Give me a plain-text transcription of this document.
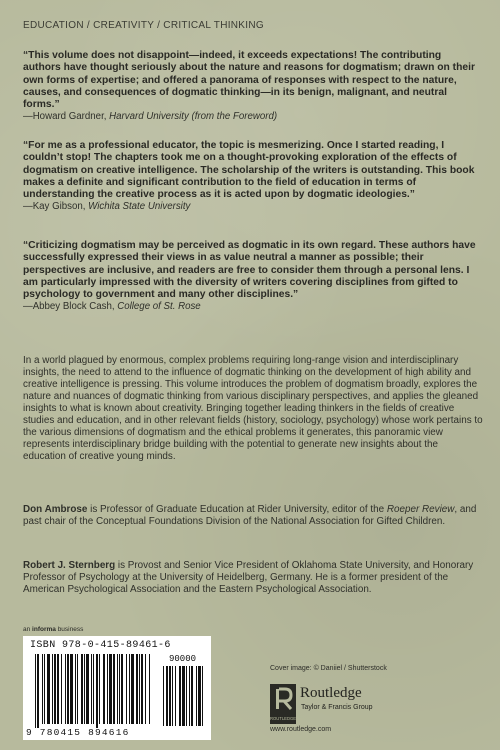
EDUCATION / CREATIVITY / CRITICAL THINKING

“This volume does not disappoint—indeed, it exceeds expectations! The contributing authors have thought seriously about the nature and reasons for dogmatism; drawn on their own forms of expertise; and offered a panorama of responses with respect to the nature, causes, and consequences of dogmatic thinking—in its benign, malignant, and neutral forms.”

—Howard Gardner, Harvard University (from the Foreword)

“For me as a professional educator, the topic is mesmerizing. Once I started reading, I couldn’t stop! The chapters took me on a thought-provoking exploration of the effects of dogmatism on creative intelligence. The scholarship of the writers is outstanding. This book makes a definite and significant contribution to the field of education in terms of understanding the creative process as it is acted upon by dogmatic ideologies.”

—Kay Gibson, Wichita State University

“Criticizing dogmatism may be perceived as dogmatic in its own regard. These authors have successfully expressed their views in as value neutral a manner as possible; their perspectives are inclusive, and readers are free to consider them through a personal lens. I am particularly impressed with the diversity of writers covering disciplines from gifted to psychology to government and many other disciplines.”

—Abbey Block Cash, College of St. Rose

In a world plagued by enormous, complex problems requiring long-range vision and interdisciplinary insights, the need to attend to the influence of dogmatic thinking on the development of high ability and creative intelligence is pressing. This volume introduces the problem of dogmatism broadly, explores the nature and nuances of dogmatic thinking from various disciplinary perspectives, and applies the gleaned insights to what is known about creativity. Bringing together leading thinkers in the fields of creative studies and education, and in other relevant fields (history, sociology, psychology) whose work pertains to the various dimensions of dogmatism and the ethical problems it generates, this panoramic view represents interdisciplinary bridge building with the potential to generate new insights about the education of creative young minds.

Don Ambrose is Professor of Graduate Education at Rider University, editor of the Roeper Review, and past chair of the Conceptual Foundations Division of the National Association for Gifted Children.

Robert J. Sternberg is Provost and Senior Vice President of Oklahoma State University, and Honorary Professor of Psychology at the University of Heidelberg, Germany. He is a former president of the American Psychological Association and the Eastern Psychological Association.

an informa business
ISBN 978-0-415-89461-6
90000
9 780415 894616
Cover image: © Daniiel / Shutterstock
ROUTLEDGE
Routledge
Taylor & Francis Group
www.routledge.com
